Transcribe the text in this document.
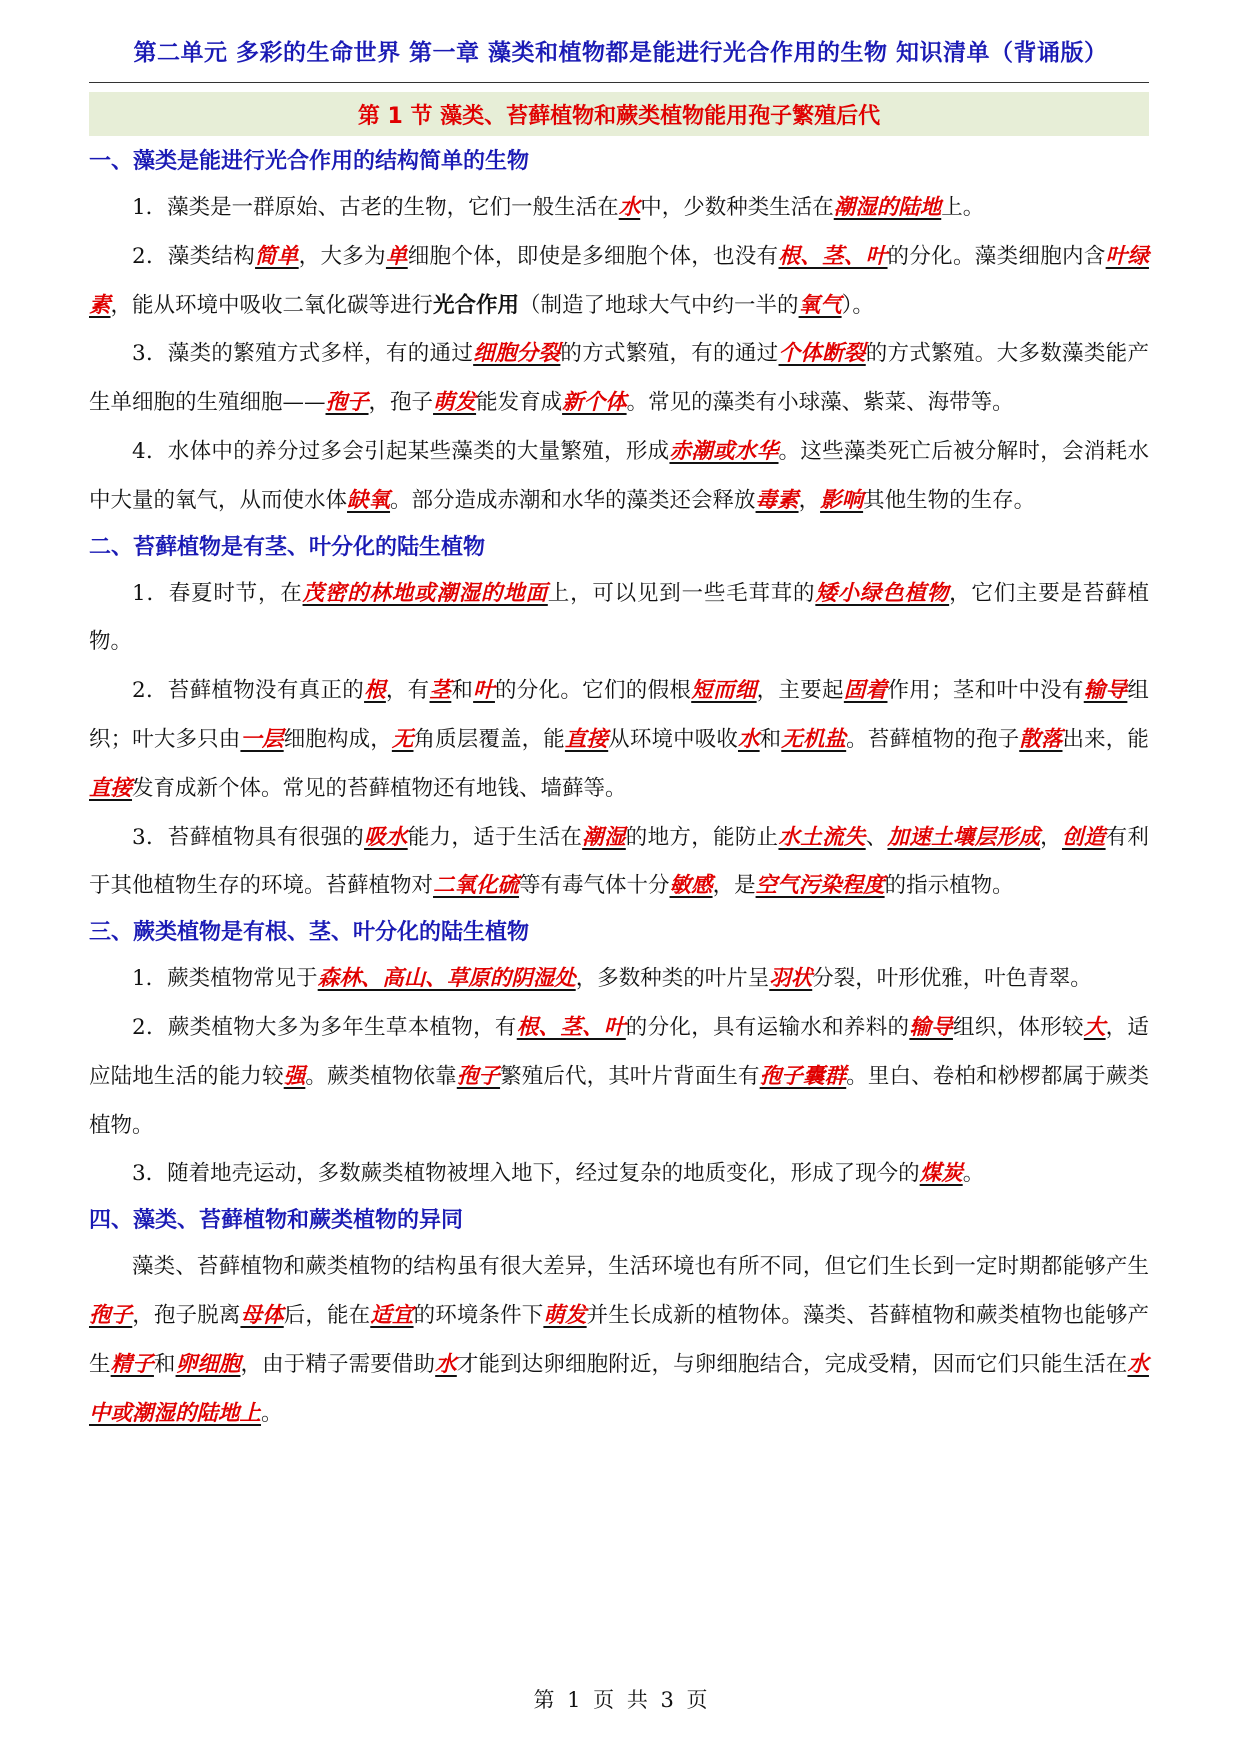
第二单元 多彩的生命世界 第一章 藻类和植物都是能进行光合作用的生物 知识清单（背诵版）
第 1 节 藻类、苔藓植物和蕨类植物能用孢子繁殖后代
一、藻类是能进行光合作用的结构简单的生物

1．藻类是一群原始、古老的生物，它们一般生活在水中，少数种类生活在潮湿的陆地上。

2．藻类结构简单，大多为单细胞个体，即使是多细胞个体，也没有根、茎、叶的分化。藻类细胞内含叶绿素，能从环境中吸收二氧化碳等进行光合作用（制造了地球大气中约一半的氧气）。

3．藻类的繁殖方式多样，有的通过细胞分裂的方式繁殖，有的通过个体断裂的方式繁殖。大多数藻类能产生单细胞的生殖细胞——孢子，孢子萌发能发育成新个体。常见的藻类有小球藻、紫菜、海带等。

4．水体中的养分过多会引起某些藻类的大量繁殖，形成赤潮或水华。这些藻类死亡后被分解时，会消耗水中大量的氧气，从而使水体缺氧。部分造成赤潮和水华的藻类还会释放毒素，影响其他生物的生存。

二、苔藓植物是有茎、叶分化的陆生植物

1．春夏时节，在茂密的林地或潮湿的地面上，可以见到一些毛茸茸的矮小绿色植物，它们主要是苔藓植物。

2．苔藓植物没有真正的根，有茎和叶的分化。它们的假根短而细，主要起固着作用；茎和叶中没有输导组织；叶大多只由一层细胞构成，无角质层覆盖，能直接从环境中吸收水和无机盐。苔藓植物的孢子散落出来，能直接发育成新个体。常见的苔藓植物还有地钱、墙藓等。

3．苔藓植物具有很强的吸水能力，适于生活在潮湿的地方，能防止水土流失、加速土壤层形成，创造有利于其他植物生存的环境。苔藓植物对二氧化硫等有毒气体十分敏感，是空气污染程度的指示植物。

三、蕨类植物是有根、茎、叶分化的陆生植物

1．蕨类植物常见于森林、高山、草原的阴湿处，多数种类的叶片呈羽状分裂，叶形优雅，叶色青翠。

2．蕨类植物大多为多年生草本植物，有根、茎、叶的分化，具有运输水和养料的输导组织，体形较大，适应陆地生活的能力较强。蕨类植物依靠孢子繁殖后代，其叶片背面生有孢子囊群。里白、卷柏和桫椤都属于蕨类植物。

3．随着地壳运动，多数蕨类植物被埋入地下，经过复杂的地质变化，形成了现今的煤炭。

四、藻类、苔藓植物和蕨类植物的异同

藻类、苔藓植物和蕨类植物的结构虽有很大差异，生活环境也有所不同，但它们生长到一定时期都能够产生孢子，孢子脱离母体后，能在适宜的环境条件下萌发并生长成新的植物体。藻类、苔藓植物和蕨类植物也能够产生精子和卵细胞，由于精子需要借助水才能到达卵细胞附近，与卵细胞结合，完成受精，因而它们只能生活在水中或潮湿的陆地上。

第 1 页 共 3 页
